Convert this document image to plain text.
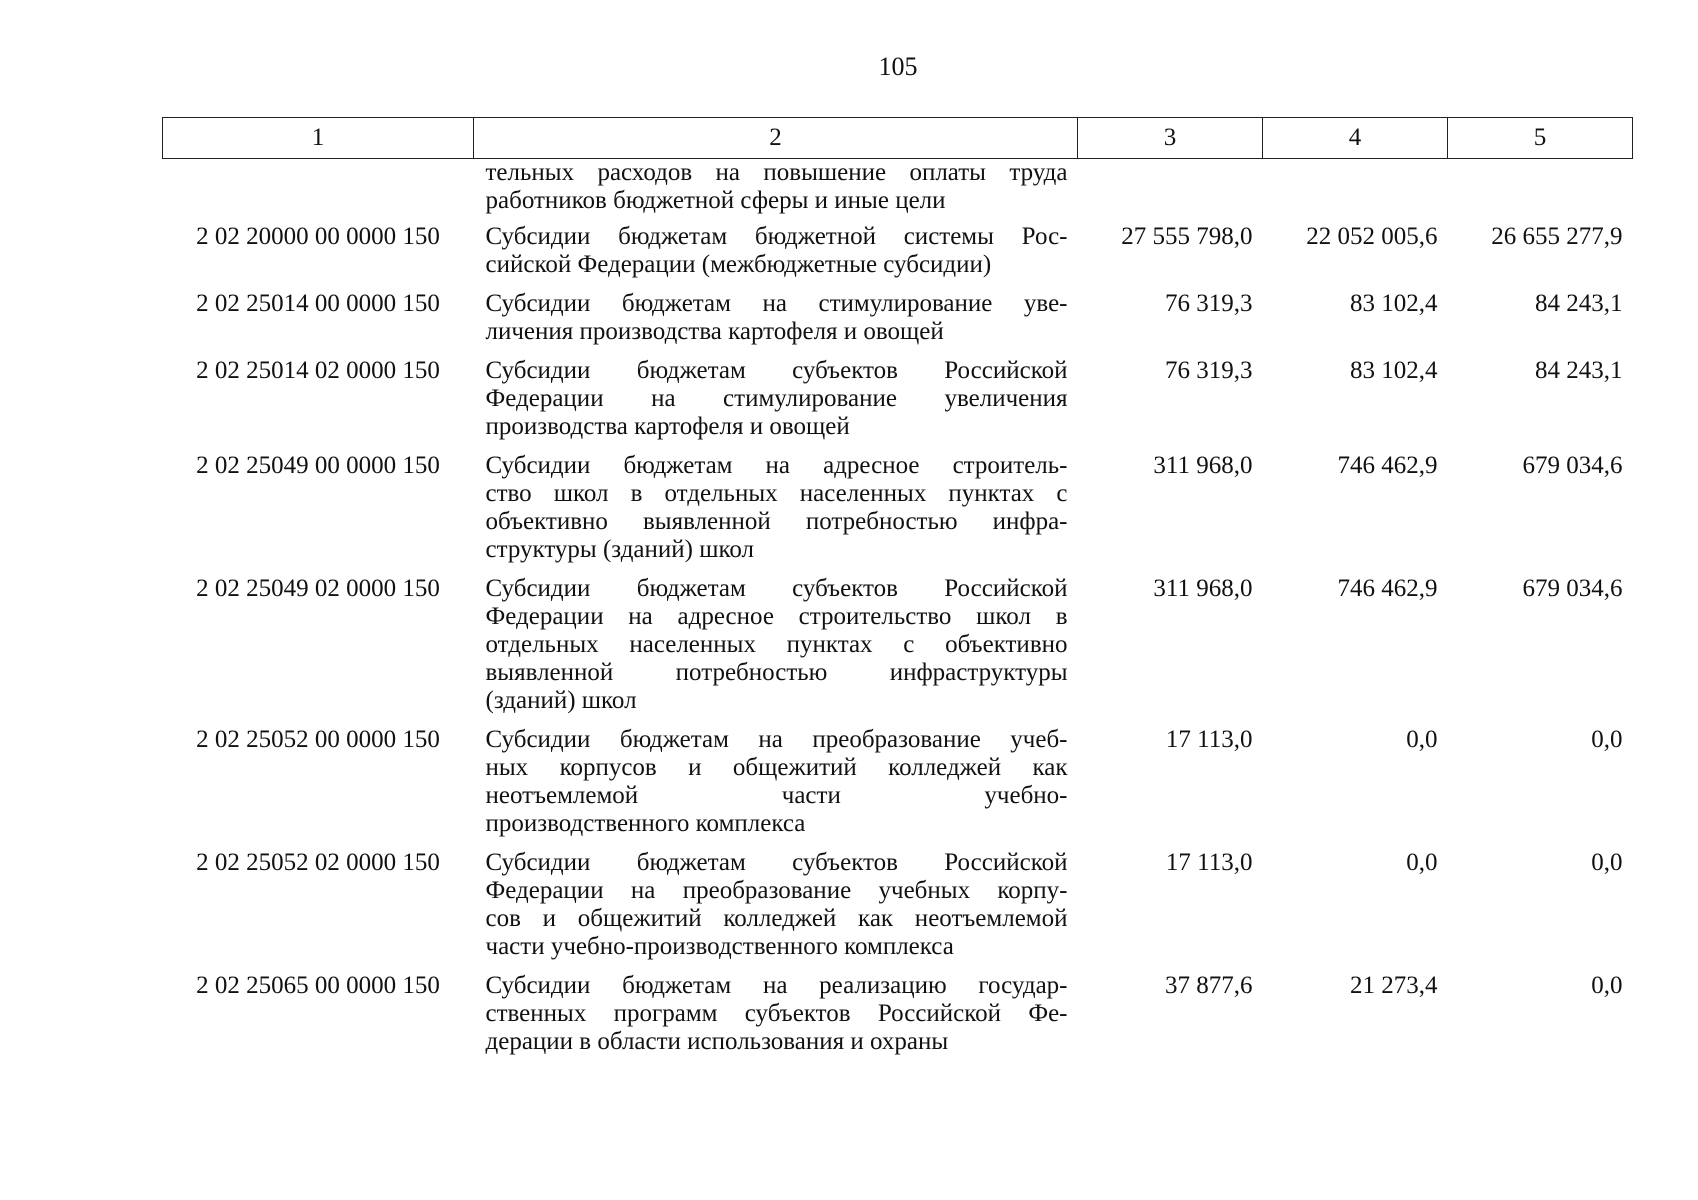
105
1	2	3	4	5

	тельных расходов на повышение оплаты труда
работников бюджетной сферы и иные цели			

2 02 20000 00 0000 150	Субсидии бюджетам бюджетной системы Рос-
сийской Федерации (межбюджетные субсидии)	27 555 798,0	22 052 005,6	26 655 277,9
2 02 25014 00 0000 150	Субсидии бюджетам на стимулирование уве-
личения производства картофеля и овощей	76 319,3	83 102,4	84 243,1
2 02 25014 02 0000 150	Субсидии бюджетам субъектов Российской
Федерации на стимулирование увеличения
производства картофеля и овощей	76 319,3	83 102,4	84 243,1
2 02 25049 00 0000 150	Субсидии бюджетам на адресное строитель-
ство школ в отдельных населенных пунктах с
объективно выявленной потребностью инфра-
структуры (зданий) школ	311 968,0	746 462,9	679 034,6
2 02 25049 02 0000 150	Субсидии бюджетам субъектов Российской
Федерации на адресное строительство школ в
отдельных населенных пунктах с объективно
выявленной потребностью инфраструктуры
(зданий) школ	311 968,0	746 462,9	679 034,6
2 02 25052 00 0000 150	Субсидии бюджетам на преобразование учеб-
ных корпусов и общежитий колледжей как
неотъемлемой части учебно-
производственного комплекса	17 113,0	0,0	0,0
2 02 25052 02 0000 150	Субсидии бюджетам субъектов Российской
Федерации на преобразование учебных корпу-
сов и общежитий колледжей как неотъемлемой
части учебно-производственного комплекса	17 113,0	0,0	0,0
2 02 25065 00 0000 150	Субсидии бюджетам на реализацию государ-
ственных программ субъектов Российской Фе-
дерации в области использования и охраны	37 877,6	21 273,4	0,0
